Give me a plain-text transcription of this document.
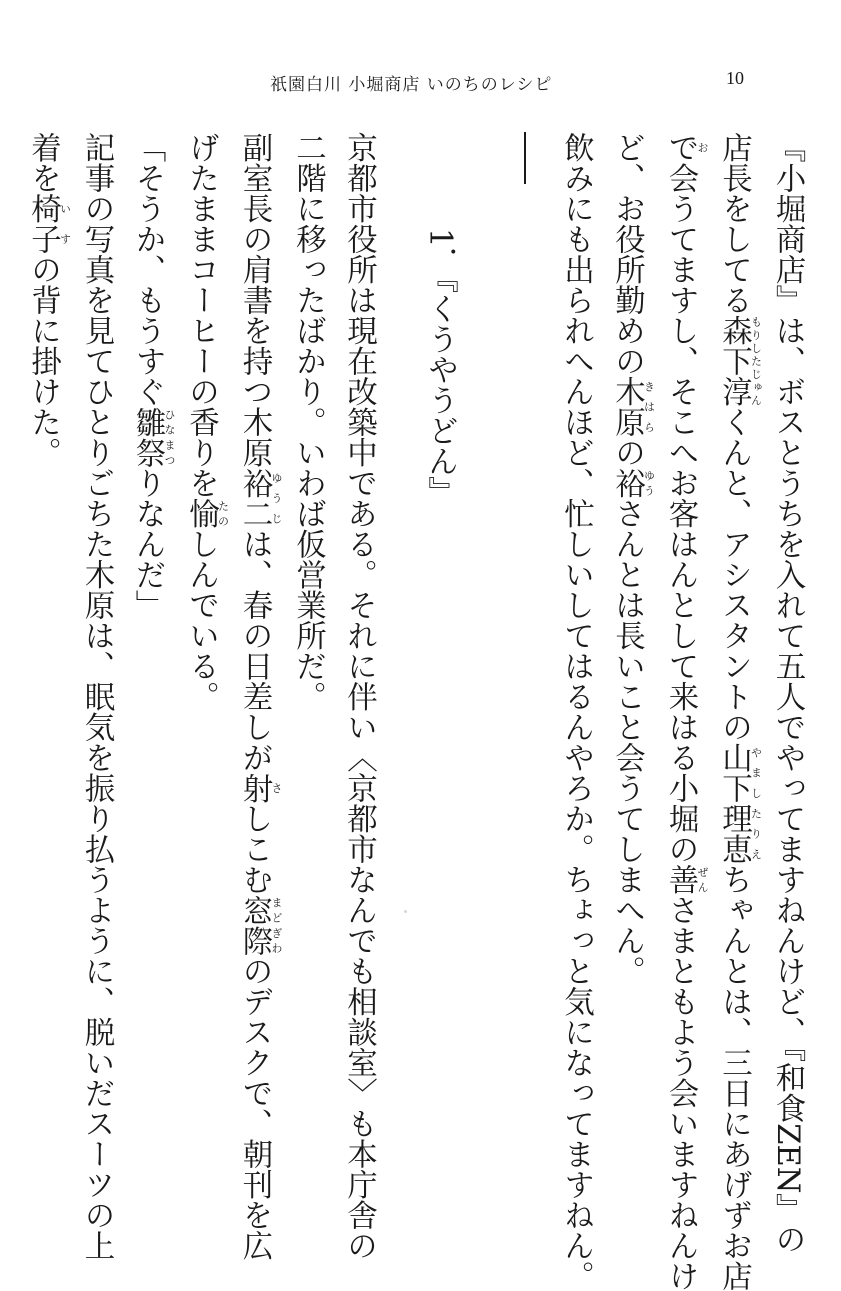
祇園白川 小堀商店 いのちのレシピ	10

『小堀商店』は、ボスとうちを入れて五人でやってますねんけど、『和食ZEN』の

店長をしてる森下淳もりしたじゅんくんと、アシスタントの山下理恵やましたりえちゃんとは、三日にあげずお店

でお会うてますし、そこへお客はんとして来はる小堀の善ぜんさまともよう会いますねんけ

ど、お役所勤めの木原きはらの裕ゆうさんとは長いこと会うてしまへん。

飲みにも出られへんほど、忙しいしてはるんやろか。ちょっと気になってますねん。

1．『くうやうどん』

京都市役所は現在改築中である。それに伴い〈京都市なんでも相談室〉も本庁舎の

二階に移ったばかり。いわば仮営業所だ。

副室長の肩書を持つ木原裕二ゆうじは、春の日差しが射さしこむ窓際まどぎわのデスクで、朝刊を広

げたままコーヒーの香りを愉たのしんでいる。

「そうか、もうすぐ雛祭ひなまつりなんだ」

記事の写真を見てひとりごちた木原は、眠気を振り払うように、脱いだスーツの上

着を椅子いすの背に掛けた。
